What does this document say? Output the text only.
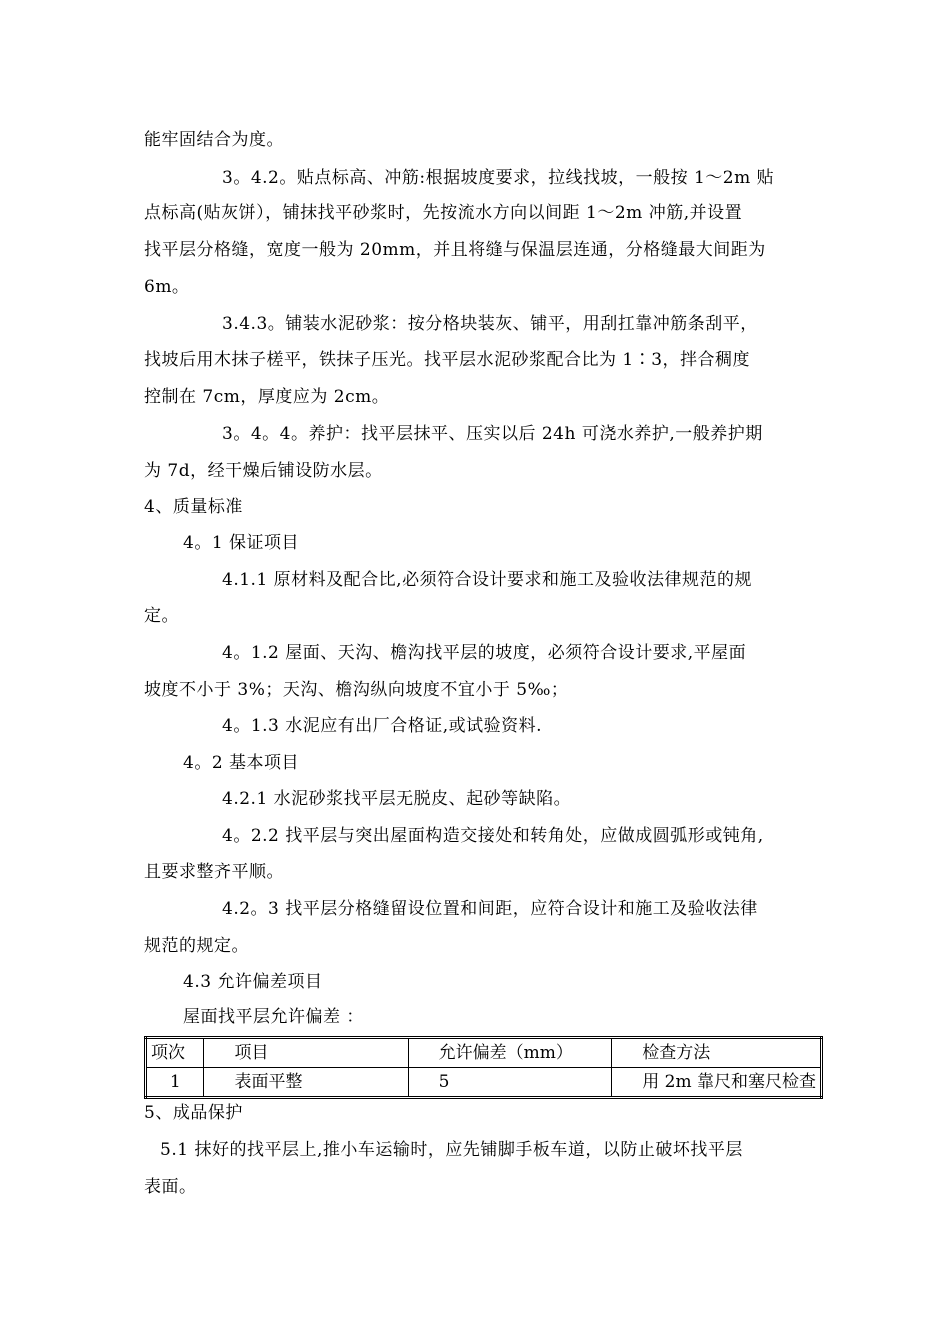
能牢固结合为度。
3。4.2。贴点标高、冲筋:根据坡度要求，拉线找坡，一般按 1～2m 贴
点标高(贴灰饼），铺抹找平砂浆时，先按流水方向以间距 1～2m 冲筋,并设置
找平层分格缝，宽度一般为 20mm，并且将缝与保温层连通，分格缝最大间距为
6m。
3.4.3。铺装水泥砂浆：按分格块装灰、铺平，用刮扛靠冲筋条刮平，
找坡后用木抹子槎平，铁抹子压光。找平层水泥砂浆配合比为 1∶3，拌合稠度
控制在 7cm，厚度应为 2cm。
3。4。4。养护：找平层抹平、压实以后 24h 可浇水养护,一般养护期
为 7d，经干燥后铺设防水层。
4、质量标准
4。1 保证项目
4.1.1 原材料及配合比,必须符合设计要求和施工及验收法律规范的规
定。
4。1.2 屋面、天沟、檐沟找平层的坡度，必须符合设计要求,平屋面
坡度不小于 3%；天沟、檐沟纵向坡度不宜小于 5‰；
4。1.3 水泥应有出厂合格证,或试验资料.
4。2 基本项目
4.2.1 水泥砂浆找平层无脱皮、起砂等缺陷。
4。2.2 找平层与突出屋面构造交接处和转角处，应做成圆弧形或钝角,
且要求整齐平顺。
4.2。3 找平层分格缝留设位置和间距，应符合设计和施工及验收法律
规范的规定。
4.3 允许偏差项目
屋面找平层允许偏差 ：
项次	项目	允许偏差（mm）	检查方法
1	表面平整	5	用 2m 靠尺和塞尺检查
5、成品保护
5.1 抹好的找平层上,推小车运输时，应先铺脚手板车道，以防止破坏找平层
表面。
